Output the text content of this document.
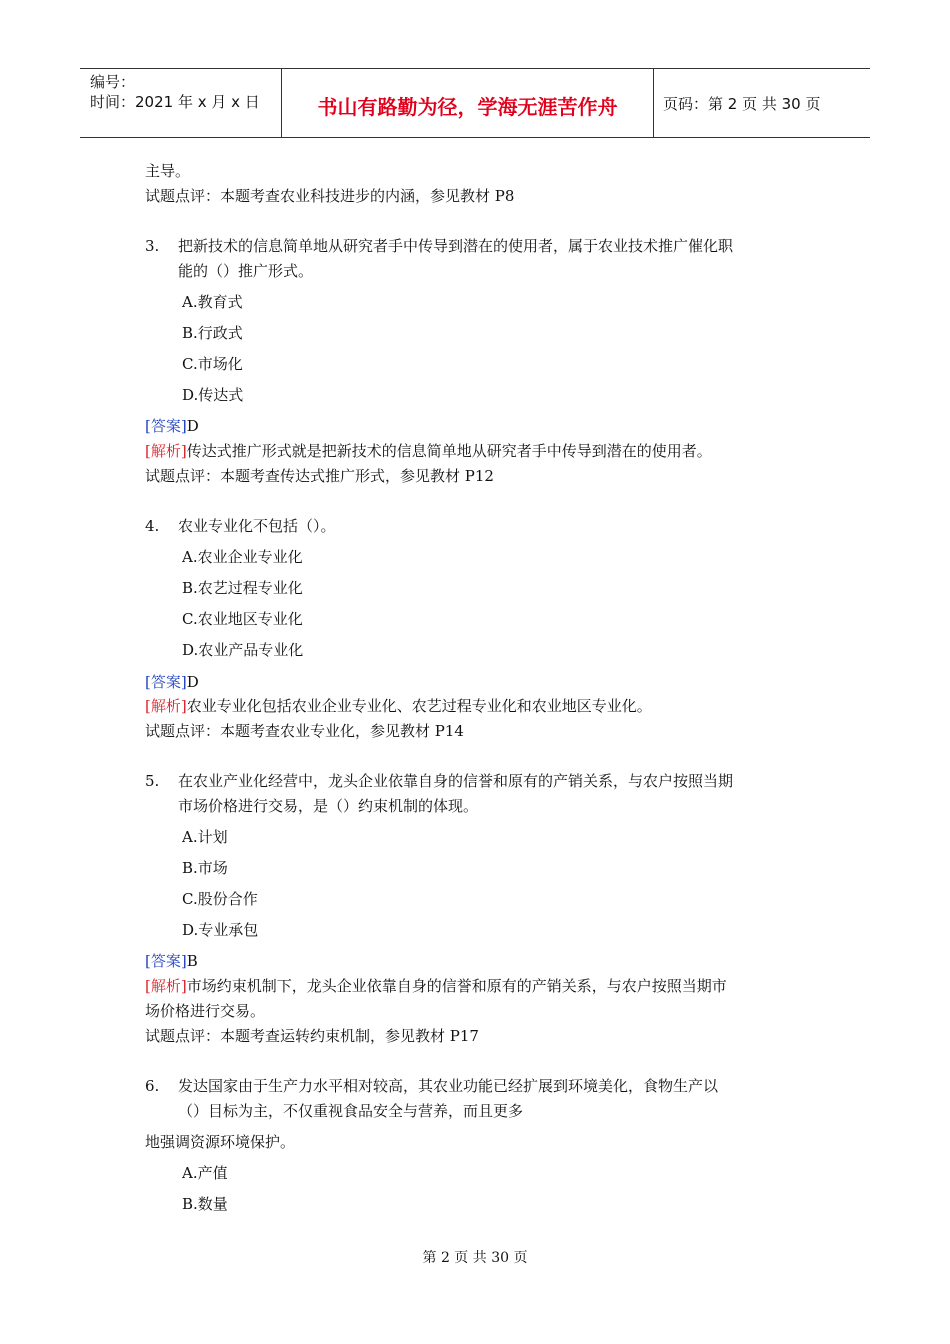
编号：
时间：2021 年 x 月 x 日	书山有路勤为径，学海无涯苦作舟	页码：第 2 页 共 30 页
主导。
试题点评：本题考查农业科技进步的内涵，参见教材 P8
3. 把新技术的信息简单地从研究者手中传导到潜在的使用者，属于农业技术推广催化职
能的（）推广形式。
A.教育式
B.行政式
C.市场化
D.传达式
[答案]D
[解析]传达式推广形式就是把新技术的信息简单地从研究者手中传导到潜在的使用者。
试题点评：本题考查传达式推广形式，参见教材 P12
4. 农业专业化不包括（）。
A.农业企业专业化
B.农艺过程专业化
C.农业地区专业化
D.农业产品专业化
[答案]D
[解析]农业专业化包括农业企业专业化、农艺过程专业化和农业地区专业化。
试题点评：本题考查农业专业化，参见教材 P14
5. 在农业产业化经营中，龙头企业依靠自身的信誉和原有的产销关系，与农户按照当期
市场价格进行交易，是（）约束机制的体现。
A.计划
B.市场
C.股份合作
D.专业承包
[答案]B
[解析]市场约束机制下，龙头企业依靠自身的信誉和原有的产销关系，与农户按照当期市
场价格进行交易。
试题点评：本题考查运转约束机制，参见教材 P17
6. 发达国家由于生产力水平相对较高，其农业功能已经扩展到环境美化，食物生产以
（）目标为主，不仅重视食品安全与营养，而且更多
地强调资源环境保护。
A.产值
B.数量
第 2 页 共 30 页
